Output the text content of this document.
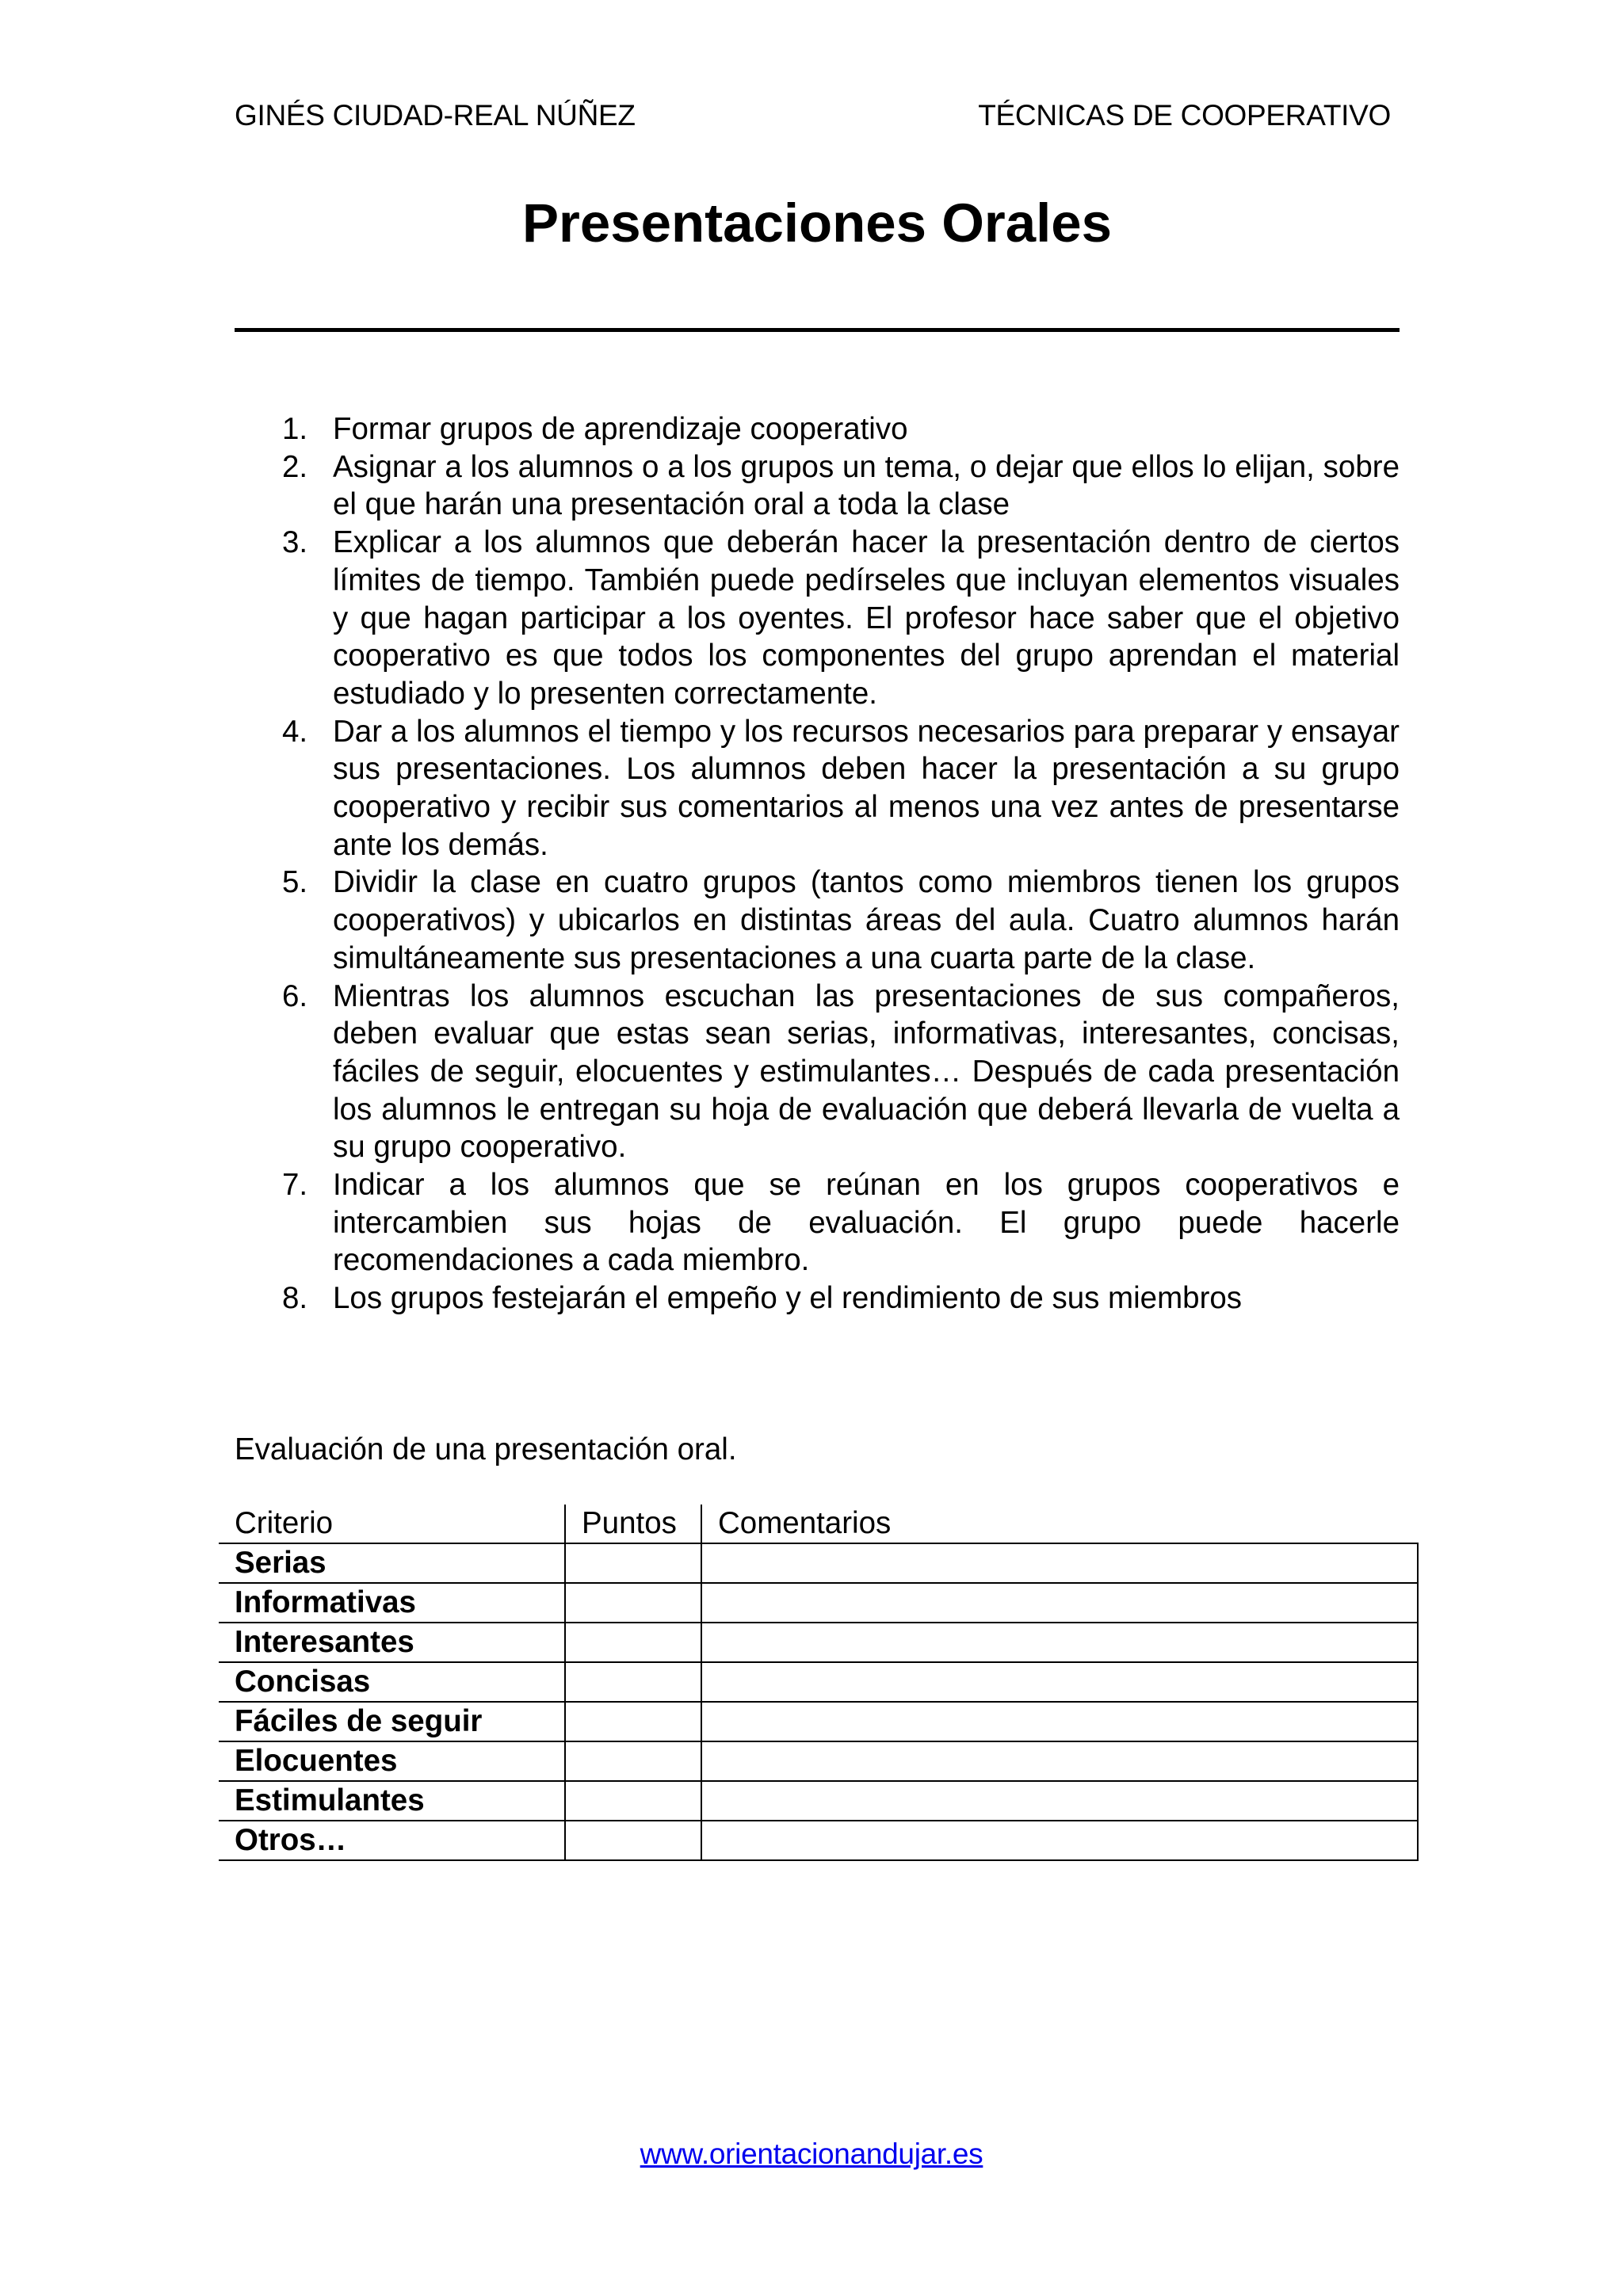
GINÉS CIUDAD-REAL NÚÑEZ	TÉCNICAS DE COOPERATIVO
Presentaciones Orales
1. Formar grupos de aprendizaje cooperativo
2. Asignar a los alumnos o a los grupos un tema, o dejar que ellos lo elijan, sobre el que harán una presentación oral a toda la clase
3. Explicar a los alumnos que deberán hacer la presentación dentro de ciertos límites de tiempo. También puede pedírseles que incluyan elementos visuales y que hagan participar a los oyentes. El profesor hace saber que el objetivo cooperativo es que todos los componentes del grupo aprendan el material estudiado y lo presenten correctamente.
4. Dar a los alumnos el tiempo y los recursos necesarios para preparar y ensayar sus presentaciones. Los alumnos deben hacer la presentación a su grupo cooperativo y recibir sus comentarios al menos una vez antes de presentarse ante los demás.
5. Dividir la clase en cuatro grupos (tantos como miembros tienen los grupos cooperativos) y ubicarlos en distintas áreas del aula. Cuatro alumnos harán simultáneamente sus presentaciones a una cuarta parte de la clase.
6. Mientras los alumnos escuchan las presentaciones de sus compañeros, deben evaluar que estas sean serias, informativas, interesantes, concisas, fáciles de seguir, elocuentes y estimulantes… Después de cada presentación los alumnos le entregan su hoja de evaluación que deberá llevarla de vuelta a su grupo cooperativo.
7. Indicar a los alumnos que se reúnan en los grupos cooperativos e intercambien sus hojas de evaluación. El grupo puede hacerle recomendaciones a cada miembro.
8. Los grupos festejarán el empeño y el rendimiento de sus miembros
Evaluación de una presentación oral.
Criterio	Puntos	Comentarios
Serias		
Informativas		
Interesantes		
Concisas		
Fáciles de seguir		
Elocuentes		
Estimulantes		
Otros…		
www.orientacionandujar.es
